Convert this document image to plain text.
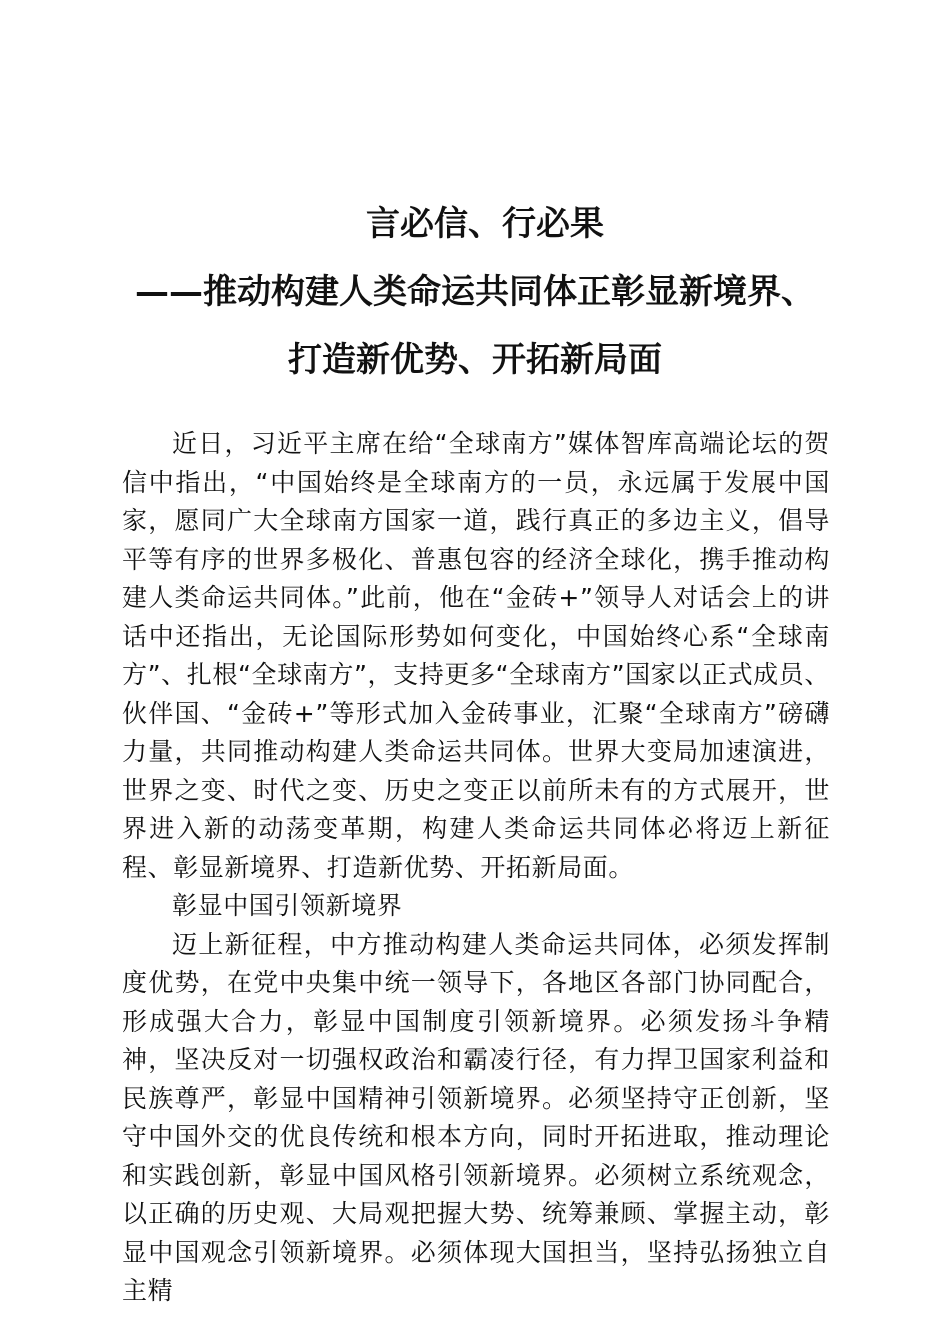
言必信、行必果
——推动构建人类命运共同体正彰显新境界、
打造新优势、开拓新局面

近日，习近平主席在给“全球南方”媒体智库高端论坛的贺信中指出，“中国始终是全球南方的一员，永远属于发展中国家，愿同广大全球南方国家一道，践行真正的多边主义，倡导平等有序的世界多极化、普惠包容的经济全球化，携手推动构建人类命运共同体。”此前，他在“金砖+”领导人对话会上的讲话中还指出，无论国际形势如何变化，中国始终心系“全球南方”、扎根“全球南方”，支持更多“全球南方”国家以正式成员、伙伴国、“金砖+”等形式加入金砖事业，汇聚“全球南方”磅礴力量，共同推动构建人类命运共同体。世界大变局加速演进，世界之变、时代之变、历史之变正以前所未有的方式展开，世界进入新的动荡变革期，构建人类命运共同体必将迈上新征程、彰显新境界、打造新优势、开拓新局面。

彰显中国引领新境界

迈上新征程，中方推动构建人类命运共同体，必须发挥制度优势，在党中央集中统一领导下，各地区各部门协同配合，形成强大合力，彰显中国制度引领新境界。必须发扬斗争精神，坚决反对一切强权政治和霸凌行径，有力捍卫国家利益和民族尊严，彰显中国精神引领新境界。必须坚持守正创新，坚守中国外交的优良传统和根本方向，同时开拓进取，推动理论和实践创新，彰显中国风格引领新境界。必须树立系统观念，以正确的历史观、大局观把握大势、统筹兼顾、掌握主动，彰显中国观念引领新境界。必须体现大国担当，坚持弘扬独立自主精
